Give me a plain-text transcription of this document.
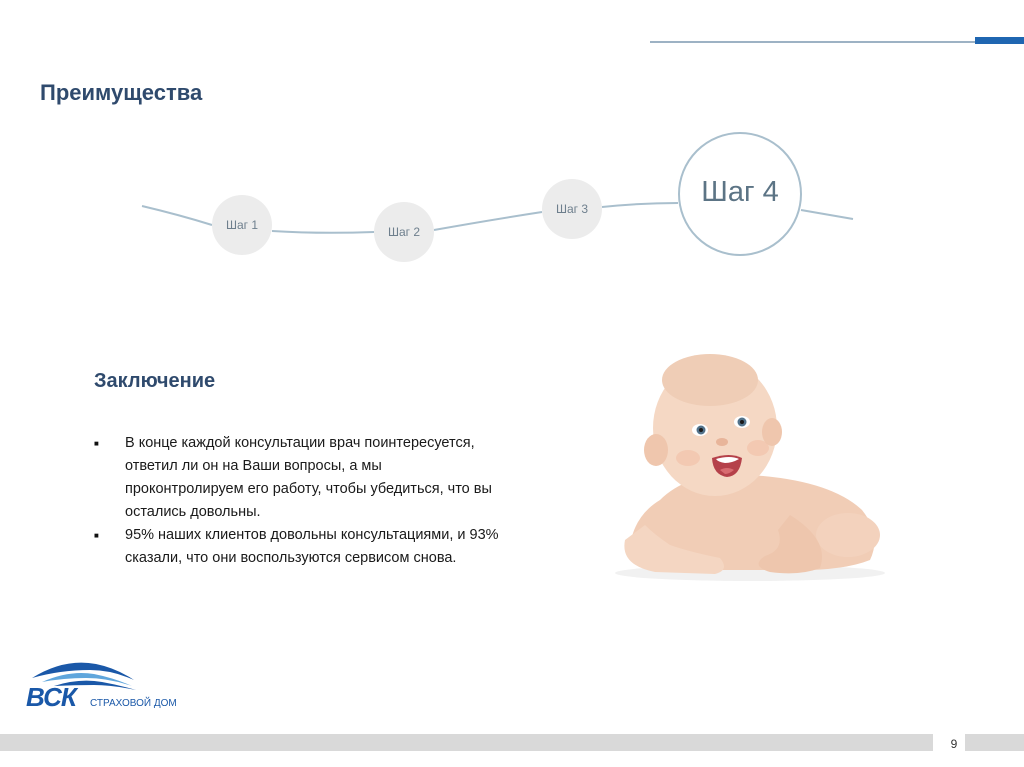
Преимущества
Шаг 1	Шаг 2
Шаг 3
Шаг 4
Заключение
■ В конце каждой консультации врач поинтересуется, ответил ли он на Ваши вопросы, а мы проконтролируем его работу, чтобы убедиться, что вы остались довольны.
■ 95% наших клиентов довольны консультациями, и 93% сказали, что они воспользуются сервисом снова.
ВСК СТРАХОВОЙ ДОМ
9
